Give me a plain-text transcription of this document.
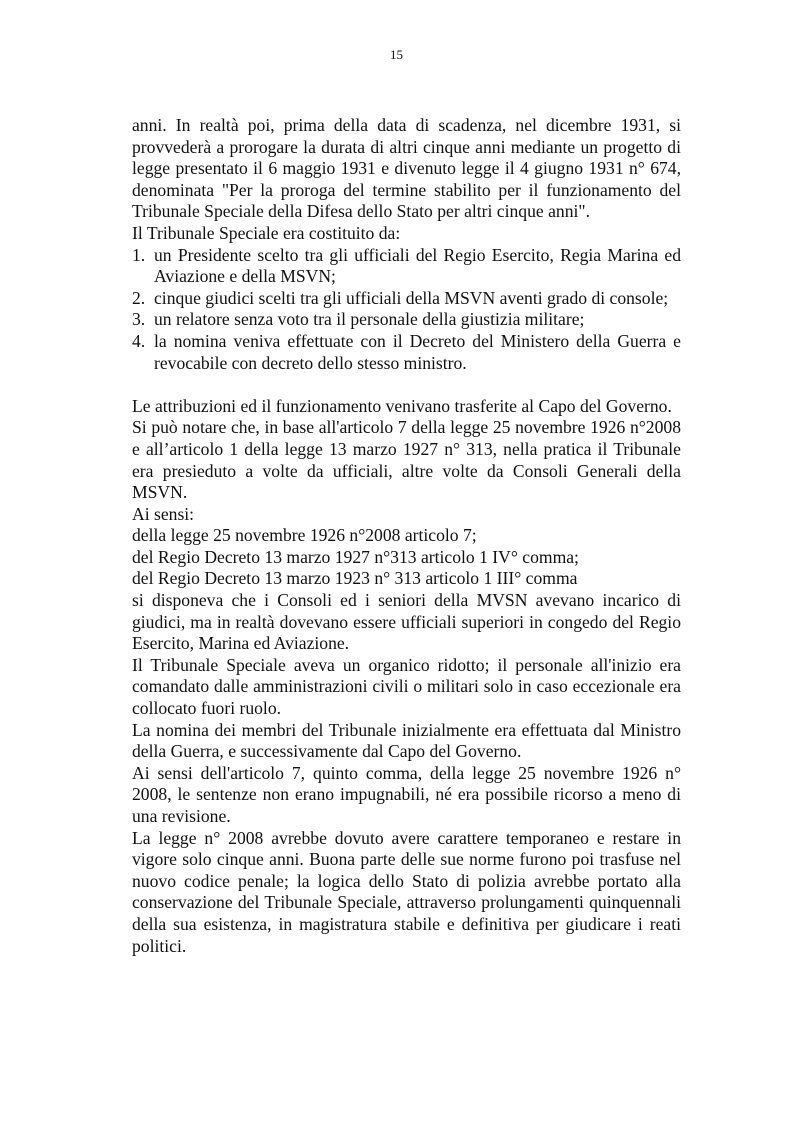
15

anni. In realtà poi, prima della data di scadenza, nel dicembre 1931, si provvederà a prorogare la durata di altri cinque anni mediante un progetto di legge presentato il 6 maggio 1931 e divenuto legge il 4 giugno 1931 n° 674, denominata "Per la proroga del termine stabilito per il funzionamento del Tribunale Speciale della Difesa dello Stato per altri cinque anni".

Il Tribunale Speciale era costituito da:

1. un Presidente scelto tra gli ufficiali del Regio Esercito, Regia Marina ed Aviazione e della MSVN;
2. cinque giudici scelti tra gli ufficiali della MSVN aventi grado di console;
3. un relatore senza voto tra il personale della giustizia militare;
4. la nomina veniva effettuate con il Decreto del Ministero della Guerra e revocabile con decreto dello stesso ministro.

Le attribuzioni ed il funzionamento venivano trasferite al Capo del Governo.

Si può notare che, in base all'articolo 7 della legge 25 novembre 1926 n°2008 e all’articolo 1 della legge 13 marzo 1927 n° 313, nella pratica il Tribunale era presieduto a volte da ufficiali, altre volte da Consoli Generali della MSVN.

Ai sensi:

della legge 25 novembre 1926 n°2008 articolo 7;

del Regio Decreto 13 marzo 1927 n°313 articolo 1 IV° comma;

del Regio Decreto 13 marzo 1923 n° 313 articolo 1 III° comma

si disponeva che i Consoli ed i seniori della MVSN avevano incarico di giudici, ma in realtà dovevano essere ufficiali superiori in congedo del Regio Esercito, Marina ed Aviazione.

Il Tribunale Speciale aveva un organico ridotto; il personale all'inizio era comandato dalle amministrazioni civili o militari solo in caso eccezionale era collocato fuori ruolo.

La nomina dei membri del Tribunale inizialmente era effettuata dal Ministro della Guerra, e successivamente dal Capo del Governo.

Ai sensi dell'articolo 7, quinto comma, della legge 25 novembre 1926 n° 2008, le sentenze non erano impugnabili, né era possibile ricorso a meno di una revisione.

La legge n° 2008 avrebbe dovuto avere carattere temporaneo e restare in vigore solo cinque anni. Buona parte delle sue norme furono poi trasfuse nel nuovo codice penale; la logica dello Stato di polizia avrebbe portato alla conservazione del Tribunale Speciale, attraverso prolungamenti quinquennali della sua esistenza, in magistratura stabile e definitiva per giudicare i reati politici.
